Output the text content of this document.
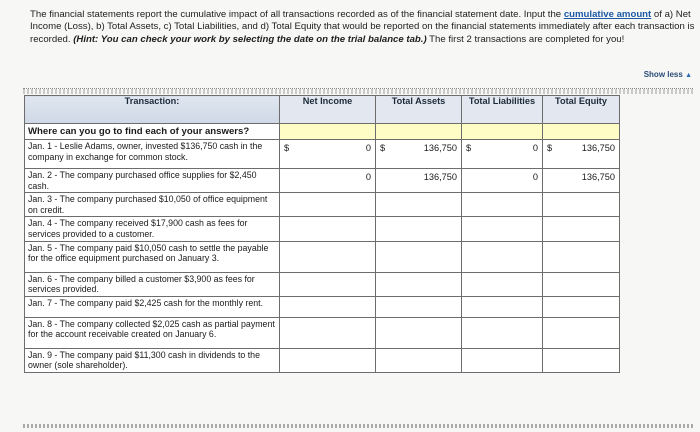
The financial statements report the cumulative impact of all transactions recorded as of the financial statement date. Input the cumulative amount of a) Net Income (Loss), b) Total Assets, c) Total Liabilities, and d) Total Equity that would be reported on the financial statements immediately after each transaction is recorded. (Hint: You can check your work by selecting the date on the trial balance tab.) The first 2 transactions are completed for you!
Show less ▲
Transaction:	Net Income	Total Assets	Total Liabilities	Total Equity
Where can you go to find each of your answers?				
Jan. 1 - Leslie Adams, owner, invested $136,750 cash in the company in exchange for common stock.	$ 0	$ 136,750	$ 0	$ 136,750

Jan. 2 - The company purchased office supplies for $2,450 cash.	0	136,750	0	136,750

Jan. 3 - The company purchased $10,050 of office equipment on credit.	

Jan. 4 - The company received $17,900 cash as fees for services provided to a customer.	

Jan. 5 - The company paid $10,050 cash to settle the payable for the office equipment purchased on January 3.	

Jan. 6 - The company billed a customer $3,900 as fees for services provided.	

Jan. 7 - The company paid $2,425 cash for the monthly rent.	

Jan. 8 - The company collected $2,025 cash as partial payment for the account receivable created on January 6.	

Jan. 9 - The company paid $11,300 cash in dividends to the owner (sole shareholder).	
